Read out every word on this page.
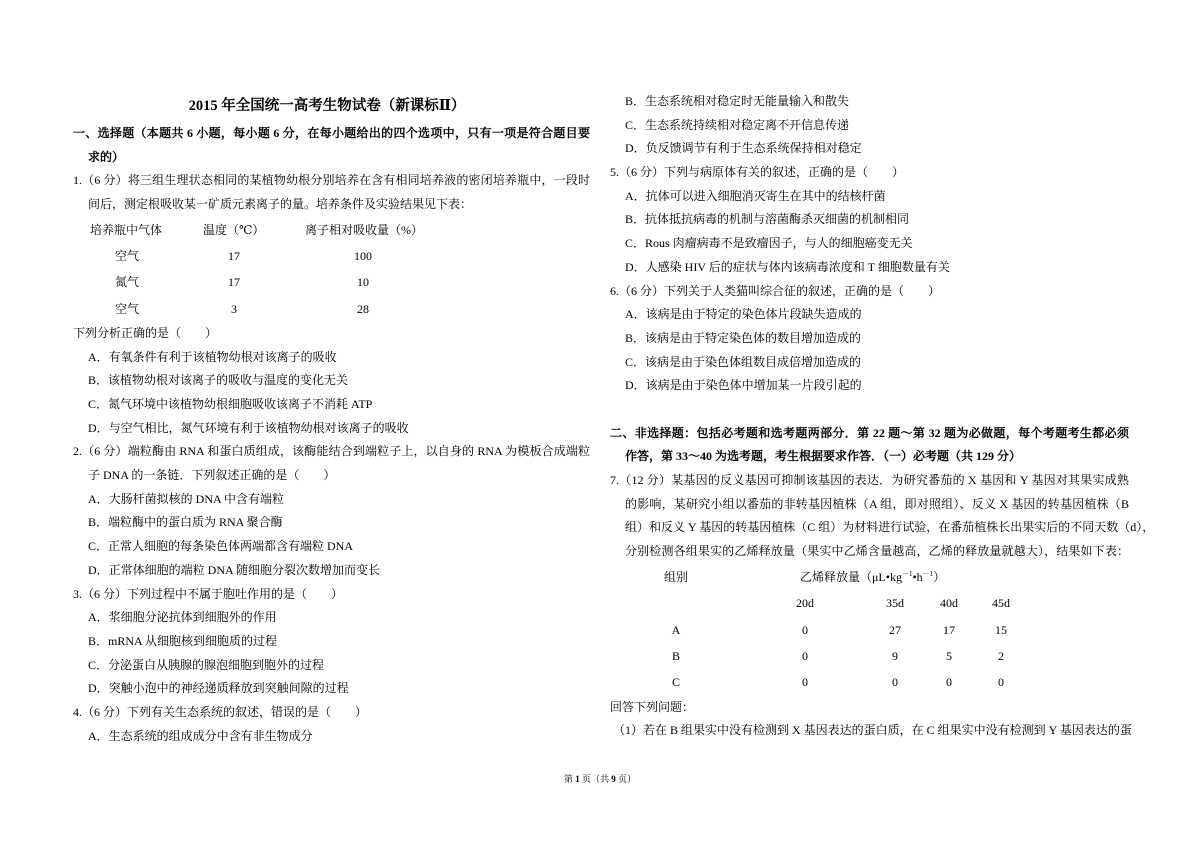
2015 年全国统一高考生物试卷（新课标Ⅱ）
一、选择题（本题共 6 小题，每小题 6 分，在每小题给出的四个选项中，只有一项是符合题目要
求的）
1.（6 分）将三组生理状态相同的某植物幼根分别培养在含有相同培养液的密闭培养瓶中，一段时
间后，测定根吸收某一矿质元素离子的量。培养条件及实验结果见下表：
培养瓶中气体	温度（℃）	离子相对吸收量（%）
空气	17	100
氮气	17	10
空气	3	28
下列分析正确的是（　　）
A．有氧条件有利于该植物幼根对该离子的吸收
B．该植物幼根对该离子的吸收与温度的变化无关
C．氮气环境中该植物幼根细胞吸收该离子不消耗 ATP
D．与空气相比，氮气环境有利于该植物幼根对该离子的吸收
2.（6 分）端粒酶由 RNA 和蛋白质组成，该酶能结合到端粒子上，以自身的 RNA 为模板合成端粒
子 DNA 的一条链．下列叙述正确的是（　　）
A．大肠杆菌拟核的 DNA 中含有端粒
B．端粒酶中的蛋白质为 RNA 聚合酶
C．正常人细胞的每条染色体两端都含有端粒 DNA
D．正常体细胞的端粒 DNA 随细胞分裂次数增加而变长
3.（6 分）下列过程中不属于胞吐作用的是（　　）
A．浆细胞分泌抗体到细胞外的作用
B．mRNA 从细胞核到细胞质的过程
C．分泌蛋白从胰腺的腺泡细胞到胞外的过程
D．突触小泡中的神经递质释放到突触间隙的过程
4.（6 分）下列有关生态系统的叙述，错误的是（　　）
A．生态系统的组成成分中含有非生物成分
B．生态系统相对稳定时无能量输入和散失
C．生态系统持续相对稳定离不开信息传递
D．负反馈调节有利于生态系统保持相对稳定
5.（6 分）下列与病原体有关的叙述，正确的是（　　）
A．抗体可以进入细胞消灭寄生在其中的结核杆菌
B．抗体抵抗病毒的机制与溶菌酶杀灭细菌的机制相同
C．Rous 肉瘤病毒不是致瘤因子，与人的细胞癌变无关
D．人感染 HIV 后的症状与体内该病毒浓度和 T 细胞数量有关
6.（6 分）下列关于人类猫叫综合征的叙述，正确的是（　　）
A．该病是由于特定的染色体片段缺失造成的
B．该病是由于特定染色体的数目增加造成的
C．该病是由于染色体组数目成倍增加造成的
D．该病是由于染色体中增加某一片段引起的
二、非选择题：包括必考题和选考题两部分．第 22 题～第 32 题为必做题，每个考题考生都必须
作答，第 33～40 为选考题，考生根据要求作答．（一）必考题（共 129 分）
7.（12 分）某基因的反义基因可抑制该基因的表达．为研究番茄的 X 基因和 Y 基因对其果实成熟
的影响，某研究小组以番茄的非转基因植株（A 组，即对照组）、反义 X 基因的转基因植株（B
组）和反义 Y 基因的转基因植株（C 组）为材料进行试验，在番茄植株长出果实后的不同天数（d），
分别检测各组果实的乙烯释放量（果实中乙烯含量越高，乙烯的释放量就越大），结果如下表：
组别	乙烯释放量$(\mu L•kg^{-1}•h^{-1})$
20d	35d	40d	45d
A	0	27	17	15
B	0	9	5	2
C	0	0	0	0
回答下列问题：
（1）若在 B 组果实中没有检测到 X 基因表达的蛋白质，在 C 组果实中没有检测到 Y 基因表达的蛋
第 1 页（共 9 页）
